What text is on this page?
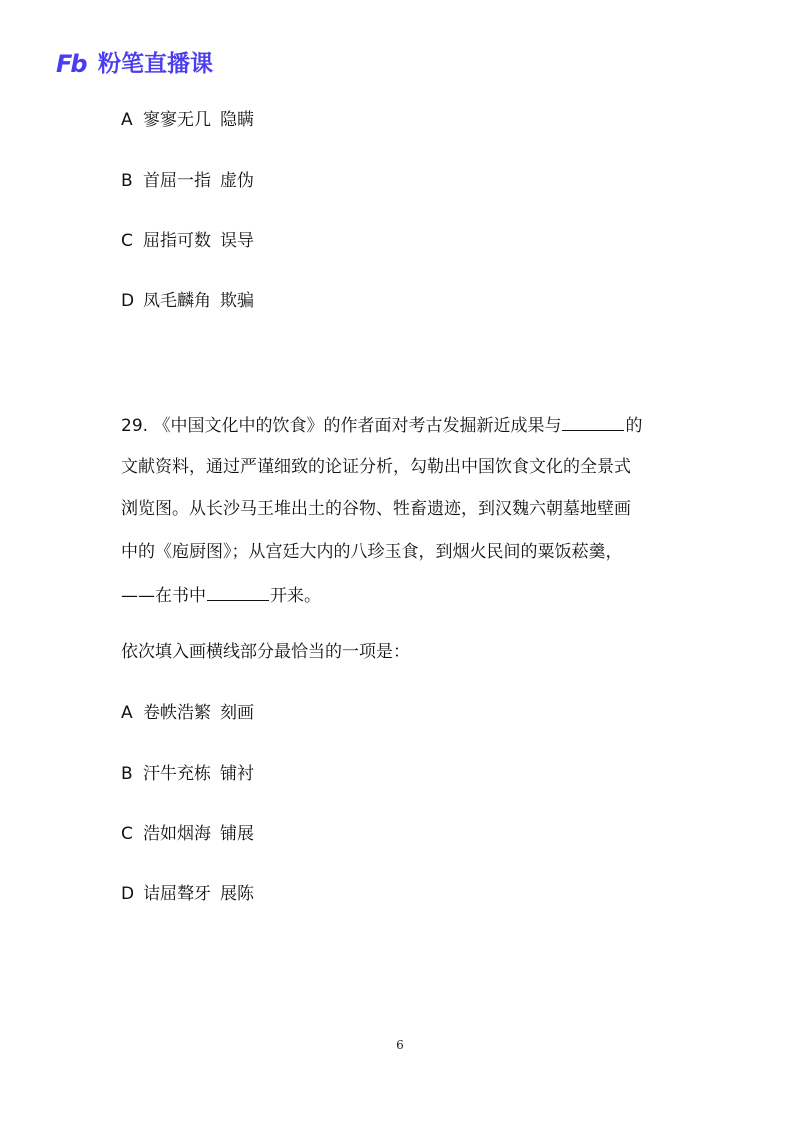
Fb 粉笔直播课
A 寥寥无几 隐瞒
B 首屈一指 虚伪
C 屈指可数 误导
D 凤毛麟角 欺骗
29. 《中国文化中的饮食》的作者面对考古发掘新近成果与	的
文献资料，通过严谨细致的论证分析，勾勒出中国饮食文化的全景式
浏览图。从长沙马王堆出土的谷物、牲畜遗迹，到汉魏六朝墓地壁画
中的《庖厨图》；从宫廷大内的八珍玉食，到烟火民间的粟饭菘羹，
——在书中	开来。
依次填入画横线部分最恰当的一项是：
A 卷帙浩繁 刻画
B 汗牛充栋 铺衬
C 浩如烟海 铺展
D 诘屈聱牙 展陈
6
